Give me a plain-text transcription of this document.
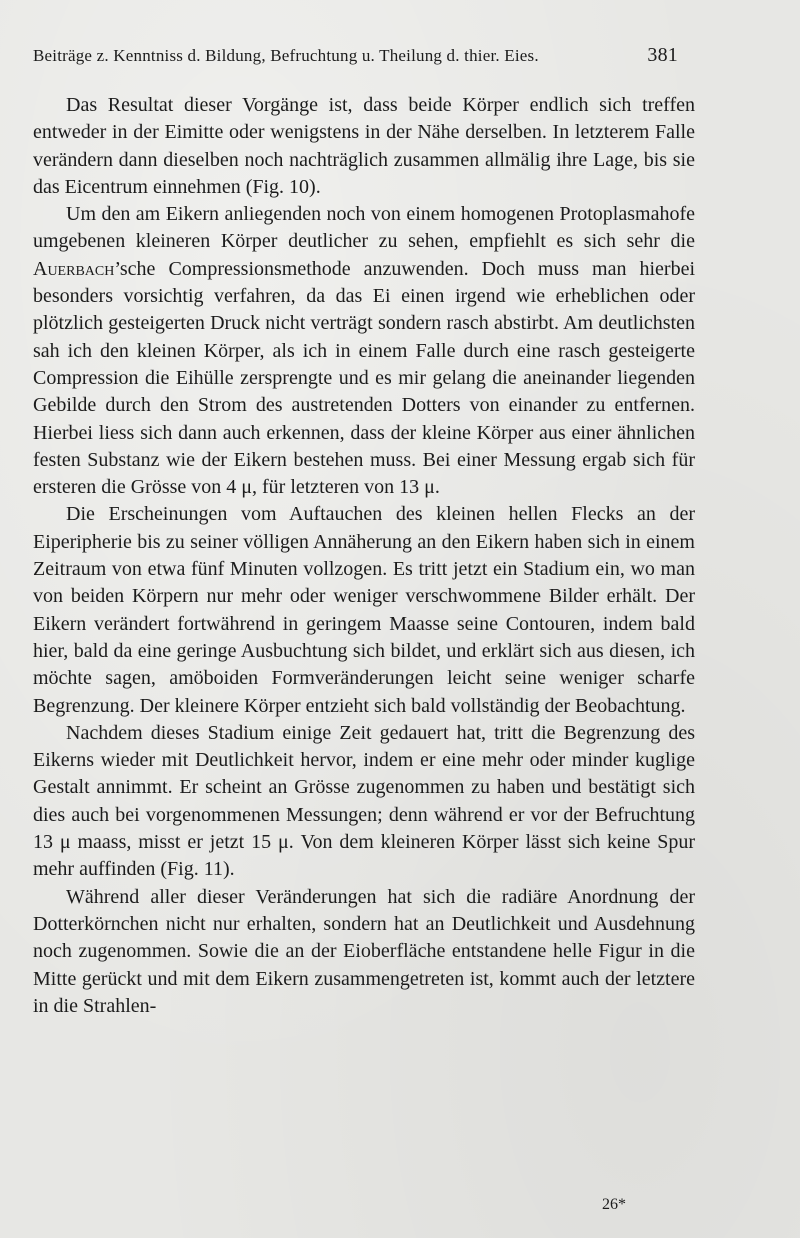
Beiträge z. Kenntniss d. Bildung, Befruchtung u. Theilung d. thier. Eies.	381

Das Resultat dieser Vorgänge ist, dass beide Körper endlich sich treffen entweder in der Eimitte oder wenigstens in der Nähe derselben. In letzterem Falle verändern dann dieselben noch nachträglich zusammen allmälig ihre Lage, bis sie das Eicentrum einnehmen (Fig. 10).

Um den am Eikern anliegenden noch von einem homogenen Protoplasmahofe umgebenen kleineren Körper deutlicher zu sehen, empfiehlt es sich sehr die Auerbach’sche Compressionsmethode anzuwenden. Doch muss man hierbei besonders vorsichtig verfahren, da das Ei einen irgend wie erheblichen oder plötzlich gesteigerten Druck nicht verträgt sondern rasch abstirbt. Am deutlichsten sah ich den kleinen Körper, als ich in einem Falle durch eine rasch gesteigerte Compression die Eihülle zersprengte und es mir gelang die aneinander liegenden Gebilde durch den Strom des austretenden Dotters von einander zu entfernen. Hierbei liess sich dann auch erkennen, dass der kleine Körper aus einer ähnlichen festen Substanz wie der Eikern bestehen muss. Bei einer Messung ergab sich für ersteren die Grösse von 4 μ, für letzteren von 13 μ.

Die Erscheinungen vom Auftauchen des kleinen hellen Flecks an der Eiperipherie bis zu seiner völligen Annäherung an den Eikern haben sich in einem Zeitraum von etwa fünf Minuten vollzogen. Es tritt jetzt ein Stadium ein, wo man von beiden Körpern nur mehr oder weniger verschwommene Bilder erhält. Der Eikern verändert fortwährend in geringem Maasse seine Contouren, indem bald hier, bald da eine geringe Ausbuchtung sich bildet, und erklärt sich aus diesen, ich möchte sagen, amöboiden Formveränderungen leicht seine weniger scharfe Begrenzung. Der kleinere Körper entzieht sich bald vollständig der Beobachtung.

Nachdem dieses Stadium einige Zeit gedauert hat, tritt die Begrenzung des Eikerns wieder mit Deutlichkeit hervor, indem er eine mehr oder minder kuglige Gestalt annimmt. Er scheint an Grösse zugenommen zu haben und bestätigt sich dies auch bei vorgenommenen Messungen; denn während er vor der Befruchtung 13 μ maass, misst er jetzt 15 μ. Von dem kleineren Körper lässt sich keine Spur mehr auffinden (Fig. 11).

Während aller dieser Veränderungen hat sich die radiäre Anordnung der Dotterkörnchen nicht nur erhalten, sondern hat an Deutlichkeit und Ausdehnung noch zugenommen. Sowie die an der Eioberfläche entstandene helle Figur in die Mitte gerückt und mit dem Eikern zusammengetreten ist, kommt auch der letztere in die Strahlen-

26*
